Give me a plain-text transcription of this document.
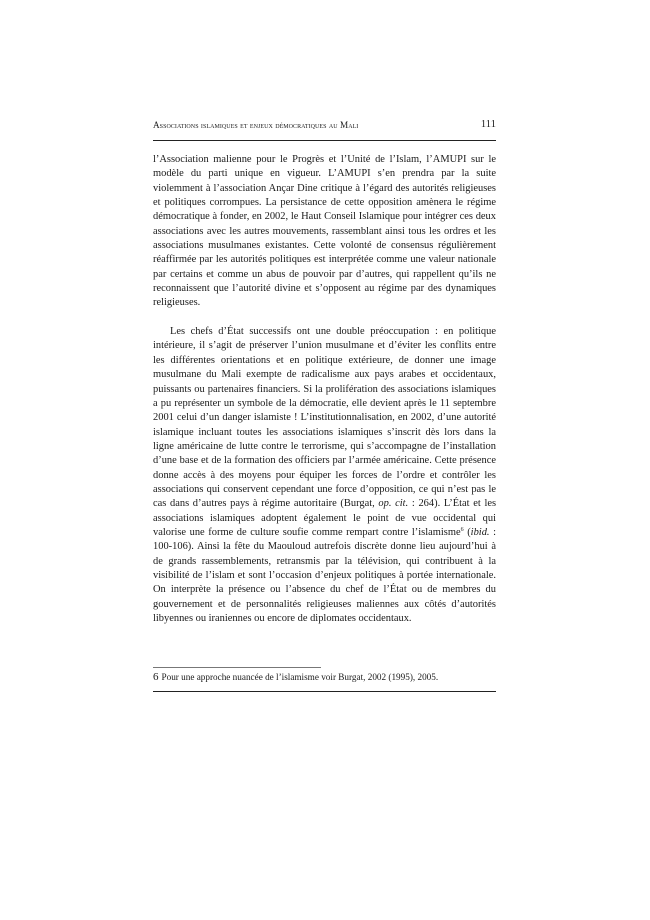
Associations islamiques et enjeux démocratiques au Mali	111

l’Association malienne pour le Progrès et l’Unité de l’Islam, l’AMUPI sur le modèle du parti unique en vigueur. L’AMUPI s’en prendra par la suite violemment à l’association Ançar Dine critique à l’égard des autorités religieuses et politiques corrompues. La persistance de cette opposition amènera le régime démocratique à fonder, en 2002, le Haut Conseil Islamique pour intégrer ces deux associations avec les autres mouvements, rassemblant ainsi tous les ordres et les associations musulmanes existantes. Cette volonté de consensus régulièrement réaffirmée par les autorités politiques est interprétée comme une valeur nationale par certains et comme un abus de pouvoir par d’autres, qui rappellent qu’ils ne reconnaissent que l’autorité divine et s’opposent au régime par des dynamiques religieuses.

Les chefs d’État successifs ont une double préoccupation : en politique intérieure, il s’agit de préserver l’union musulmane et d’éviter les conflits entre les différentes orientations et en politique extérieure, de donner une image musulmane du Mali exempte de radicalisme aux pays arabes et occidentaux, puissants ou partenaires financiers. Si la prolifération des associations islamiques a pu représenter un symbole de la démocratie, elle devient après le 11 septembre 2001 celui d’un danger islamiste ! L’institutionnalisation, en 2002, d’une autorité islamique incluant toutes les associations islamiques s’inscrit dès lors dans la ligne américaine de lutte contre le terrorisme, qui s’accompagne de l’installation d’une base et de la formation des officiers par l’armée américaine. Cette présence donne accès à des moyens pour équiper les forces de l’ordre et contrôler les associations qui conservent cependant une force d’opposition, ce qui n’est pas le cas dans d’autres pays à régime autoritaire (Burgat, op. cit. : 264). L’État et les associations islamiques adoptent également le point de vue occidental qui valorise une forme de culture soufie comme rempart contre l’islamisme$^6$ (ibid. : 100-106). Ainsi la fête du Maouloud autrefois discrète donne lieu aujourd’hui à de grands rassemblements, retransmis par la télévision, qui contribuent à la visibilité de l’islam et sont l’occasion d’enjeux politiques à portée internationale. On interprète la présence ou l’absence du chef de l’État ou de membres du gouvernement et de personnalités religieuses maliennes aux côtés d’autorités libyennes ou iraniennes ou encore de diplomates occidentaux.

6 Pour une approche nuancée de l’islamisme voir Burgat, 2002 (1995), 2005.
